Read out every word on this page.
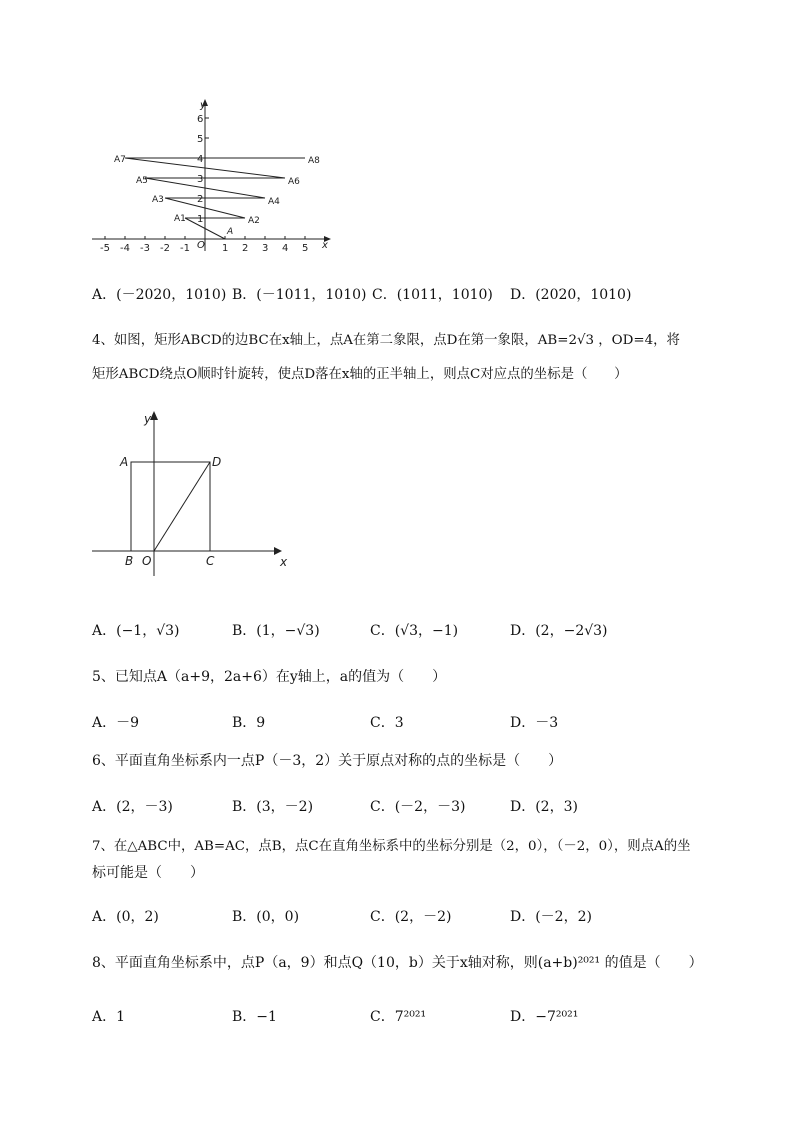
-5 -4 -3 -2 -1	1 2 3 4 5
1
2
3
4
5
6
O	x
y
A
A1	A2
A3	A4
A5	A6
A7	A8
A．(－2020，1010) B．(－1011，1010) C．(1011，1010) D．(2020，1010)
4、如图，矩形ABCD的边BC在x轴上，点A在第二象限，点D在第一象限，AB=2√3 ，OD=4，将
矩形ABCD绕点O顺时针旋转，使点D落在x轴的正半轴上，则点C对应点的坐标是（　　）
A	D
B O	C	x
y
A．(−1，√3)	B．(1，−√3)	C．(√3，−1)	D．(2，−2√3)
5、已知点A（a+9，2a+6）在y轴上，a的值为（　　）
A．－9	B．9	C．3	D．－3
6、平面直角坐标系内一点P（－3，2）关于原点对称的点的坐标是（　　）
A．(2，－3)	B．(3，－2)	C．(－2，－3)	D．(2，3)
7、在△ABC中，AB=AC，点B，点C在直角坐标系中的坐标分别是（2，0），（－2，0），则点A的坐
标可能是（　　）
A．(0，2)	B．(0，0)	C．(2，－2)	D．(－2，2)
8、平面直角坐标系中，点P（a，9）和点Q（10，b）关于x轴对称，则(a+b)²⁰²¹ 的值是（　　）
A．1	B．−1	C．7²⁰²¹	D．−7²⁰²¹
